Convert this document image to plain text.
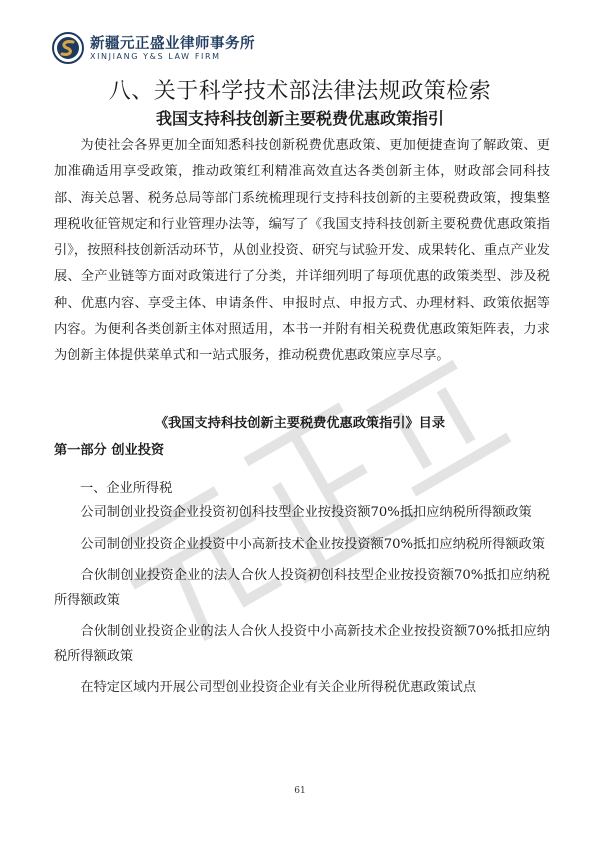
新疆元正盛业律师事务所
XINJIANG Y&S LAW FIRM
八、关于科学技术部法律法规政策检索
我国支持科技创新主要税费优惠政策指引
为使社会各界更加全面知悉科技创新税费优惠政策、更加便捷查询了解政策、更加准确适用享受政策，推动政策红利精准高效直达各类创新主体，财政部会同科技部、海关总署、税务总局等部门系统梳理现行支持科技创新的主要税费政策，搜集整理税收征管规定和行业管理办法等，编写了《我国支持科技创新主要税费优惠政策指引》，按照科技创新活动环节，从创业投资、研究与试验开发、成果转化、重点产业发展、全产业链等方面对政策进行了分类，并详细列明了每项优惠的政策类型、涉及税种、优惠内容、享受主体、申请条件、申报时点、申报方式、办理材料、政策依据等内容。为便利各类创新主体对照适用，本书一并附有相关税费优惠政策矩阵表，力求为创新主体提供菜单式和一站式服务，推动税费优惠政策应享尽享。
《我国支持科技创新主要税费优惠政策指引》目录
第一部分 创业投资
一、企业所得税

公司制创业投资企业投资初创科技型企业按投资额70%抵扣应纳税所得额政策

公司制创业投资企业投资中小高新技术企业按投资额70%抵扣应纳税所得额政策

合伙制创业投资企业的法人合伙人投资初创科技型企业按投资额70%抵扣应纳税所得额政策

合伙制创业投资企业的法人合伙人投资中小高新技术企业按投资额70%抵扣应纳税所得额政策

在特定区域内开展公司型创业投资企业有关企业所得税优惠政策试点

61
